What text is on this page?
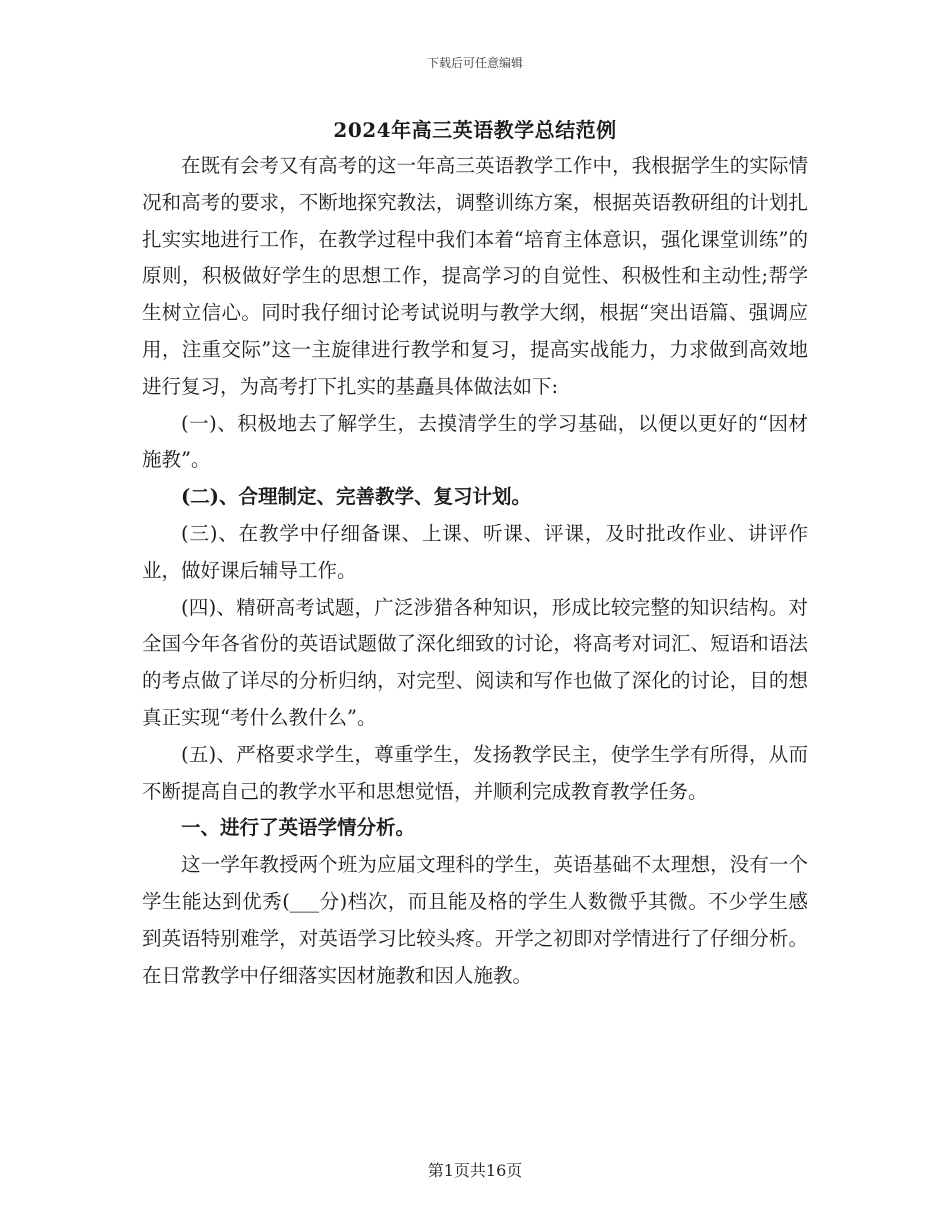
下载后可任意编辑
2024年高三英语教学总结范例

在既有会考又有高考的这一年高三英语教学工作中，我根据学生的实际情况和高考的要求，不断地探究教法，调整训练方案，根据英语教研组的计划扎扎实实地进行工作，在教学过程中我们本着“培育主体意识，强化课堂训练”的原则，积极做好学生的思想工作，提高学习的自觉性、积极性和主动性;帮学生树立信心。同时我仔细讨论考试说明与教学大纲，根据“突出语篇、强调应用，注重交际”这一主旋律进行教学和复习，提高实战能力，力求做到高效地进行复习，为高考打下扎实的基矗具体做法如下:

(一)、积极地去了解学生，去摸清学生的学习基础，以便以更好的“因材施教”。

(二)、合理制定、完善教学、复习计划。

(三)、在教学中仔细备课、上课、听课、评课，及时批改作业、讲评作业，做好课后辅导工作。

(四)、精研高考试题，广泛涉猎各种知识，形成比较完整的知识结构。对全国今年各省份的英语试题做了深化细致的讨论，将高考对词汇、短语和语法的考点做了详尽的分析归纳，对完型、阅读和写作也做了深化的讨论，目的想真正实现“考什么教什么”。

(五)、严格要求学生，尊重学生，发扬教学民主，使学生学有所得，从而不断提高自己的教学水平和思想觉悟，并顺利完成教育教学任务。

一、进行了英语学情分析。

这一学年教授两个班为应届文理科的学生，英语基础不太理想，没有一个学生能达到优秀(___分)档次，而且能及格的学生人数微乎其微。不少学生感到英语特别难学，对英语学习比较头疼。开学之初即对学情进行了仔细分析。在日常教学中仔细落实因材施教和因人施教。

第1页共16页
